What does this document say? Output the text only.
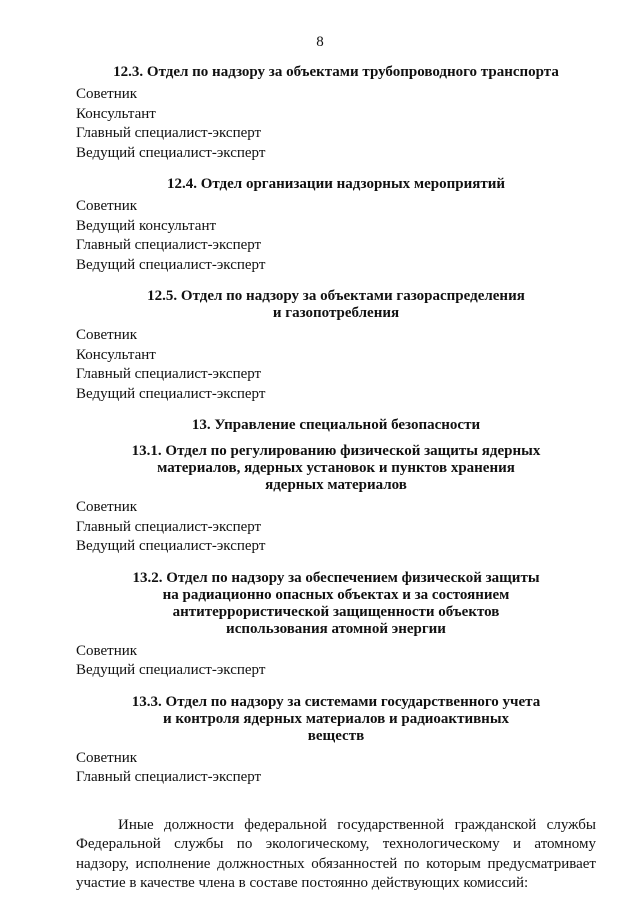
8
12.3. Отдел по надзору за объектами трубопроводного транспорта

Советник

Консультант

Главный специалист-эксперт

Ведущий специалист-эксперт

12.4. Отдел организации надзорных мероприятий

Советник

Ведущий консультант

Главный специалист-эксперт

Ведущий специалист-эксперт

12.5. Отдел по надзору за объектами газораспределения
и газопотребления

Советник

Консультант

Главный специалист-эксперт

Ведущий специалист-эксперт

13. Управление специальной безопасности
13.1. Отдел по регулированию физической защиты ядерных
материалов, ядерных установок и пунктов хранения
ядерных материалов

Советник

Главный специалист-эксперт

Ведущий специалист-эксперт

13.2. Отдел по надзору за обеспечением физической защиты
на радиационно опасных объектах и за состоянием
антитеррористической защищенности объектов
использования атомной энергии

Советник

Ведущий специалист-эксперт

13.3. Отдел по надзору за системами государственного учета
и контроля ядерных материалов и радиоактивных
веществ

Советник

Главный специалист-эксперт

Иные должности федеральной государственной гражданской службы
Федеральной службы по экологическому, технологическому и атомному
надзору, исполнение должностных обязанностей по которым предусматривает
участие в качестве члена в составе постоянно действующих комиссий:
